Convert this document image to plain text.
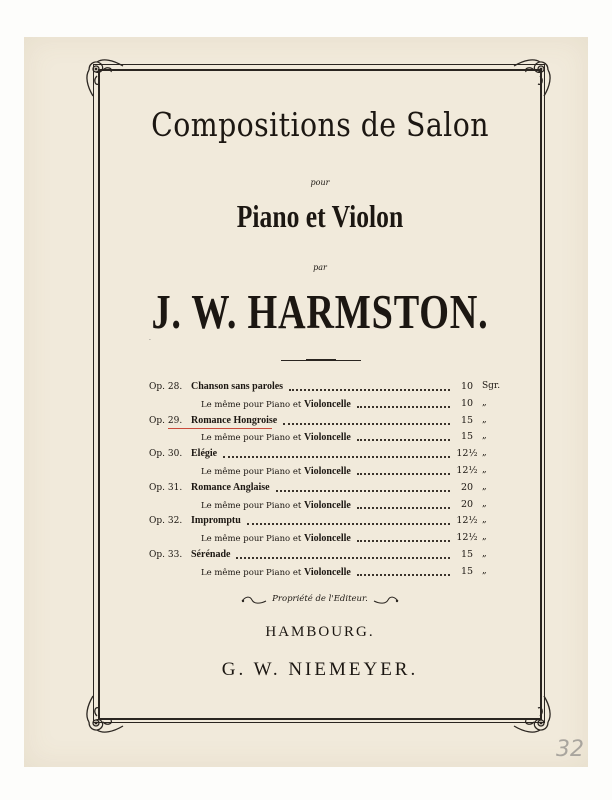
Compositions de Salon
pour
Piano et Violon
par
J. W. HARMSTON.
·
Op. 28. Chanson sans paroles	10 Sgr.
Le même pour Piano et Violoncelle	10 „
Op. 29. Romance Hongroise	15 „
Le même pour Piano et Violoncelle	15 „
Op. 30. Elégie	12½ „
Le même pour Piano et Violoncelle	12½ „
Op. 31. Romance Anglaise	20 „
Le même pour Piano et Violoncelle	20 „
Op. 32. Impromptu	12½ „
Le même pour Piano et Violoncelle	12½ „
Op. 33. Sérénade	15 „
Le même pour Piano et Violoncelle	15 „
Propriété de l'Editeur.
HAMBOURG.
G. W. NIEMEYER.
32
